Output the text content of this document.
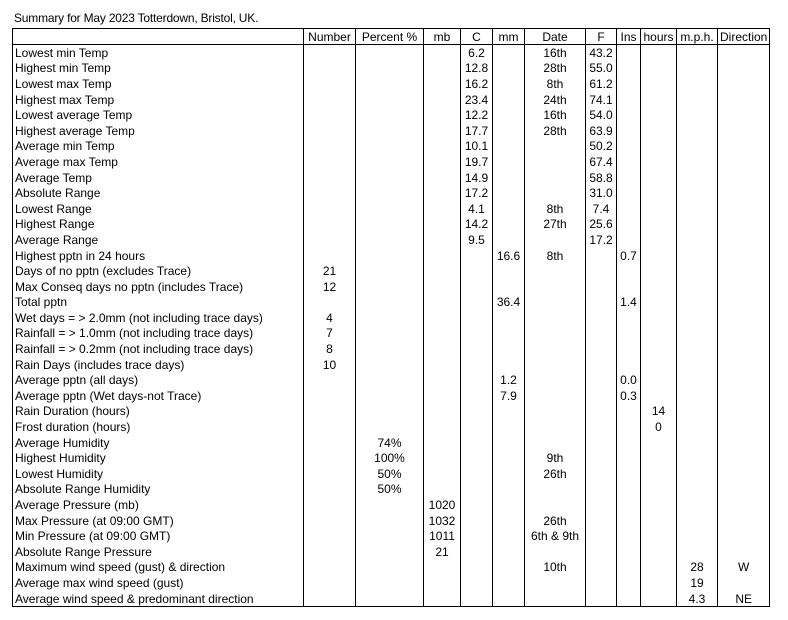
Summary for May 2023 Totterdown, Bristol, UK.
	Number	Percent %	mb	C	mm	Date	F	Ins	hours	m.p.h.	Direction
Lowest min Temp				6.2		16th	43.2				
Highest min Temp				12.8		28th	55.0				
Lowest max Temp				16.2		8th	61.2				
Highest max Temp				23.4		24th	74.1				
Lowest average Temp				12.2		16th	54.0				
Highest average Temp				17.7		28th	63.9				
Average min Temp				10.1			50.2				
Average max Temp				19.7			67.4				
Average Temp				14.9			58.8				
Absolute Range				17.2			31.0				
Lowest Range				4.1		8th	7.4				
Highest Range				14.2		27th	25.6				
Average Range				9.5			17.2				
Highest pptn in 24 hours					16.6	8th		0.7			
Days of no pptn (excludes Trace)	21										
Max Conseq days no pptn (includes Trace)	12										
Total pptn					36.4			1.4			
Wet days = > 2.0mm (not including trace days)	4										
Rainfall = > 1.0mm (not including trace days)	7										
Rainfall = > 0.2mm (not including trace days)	8										
Rain Days (includes trace days)	10										
Average pptn (all days)					1.2			0.0			
Average pptn (Wet days-not Trace)					7.9			0.3			
Rain Duration (hours)									14		
Frost duration (hours)									0		
Average Humidity		74%									
Highest Humidity		100%				9th					
Lowest Humidity		50%				26th					
Absolute Range Humidity		50%									
Average Pressure (mb)			1020								
Max Pressure (at 09:00 GMT)			1032			26th					
Min Pressure (at 09:00 GMT)			1011			6th & 9th					
Absolute Range Pressure			21								
Maximum wind speed (gust) & direction						10th				28	W
Average max wind speed (gust)										19	
Average wind speed & predominant direction										4.3	NE
